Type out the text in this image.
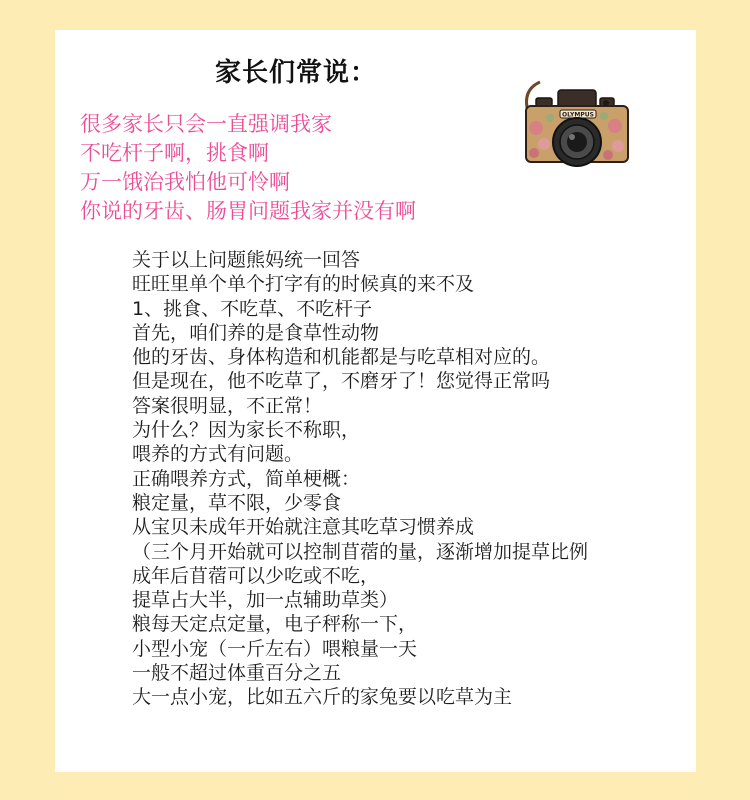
家长们常说：
OLYMPUS
很多家长只会一直强调我家
不吃杆子啊，挑食啊
万一饿治我怕他可怜啊
你说的牙齿、肠胃问题我家并没有啊
关于以上问题熊妈统一回答
旺旺里单个单个打字有的时候真的来不及
1、挑食、不吃草、不吃杆子
首先，咱们养的是食草性动物
他的牙齿、身体构造和机能都是与吃草相对应的。
但是现在，他不吃草了，不磨牙了！您觉得正常吗
答案很明显，不正常！
为什么？因为家长不称职，
喂养的方式有问题。
正确喂养方式，简单梗概：
粮定量，草不限，少零食
从宝贝未成年开始就注意其吃草习惯养成
（三个月开始就可以控制苜蓿的量，逐渐增加提草比例
成年后苜蓿可以少吃或不吃，
提草占大半，加一点辅助草类）
粮每天定点定量，电子秤称一下，
小型小宠（一斤左右）喂粮量一天
一般不超过体重百分之五
大一点小宠，比如五六斤的家兔要以吃草为主
